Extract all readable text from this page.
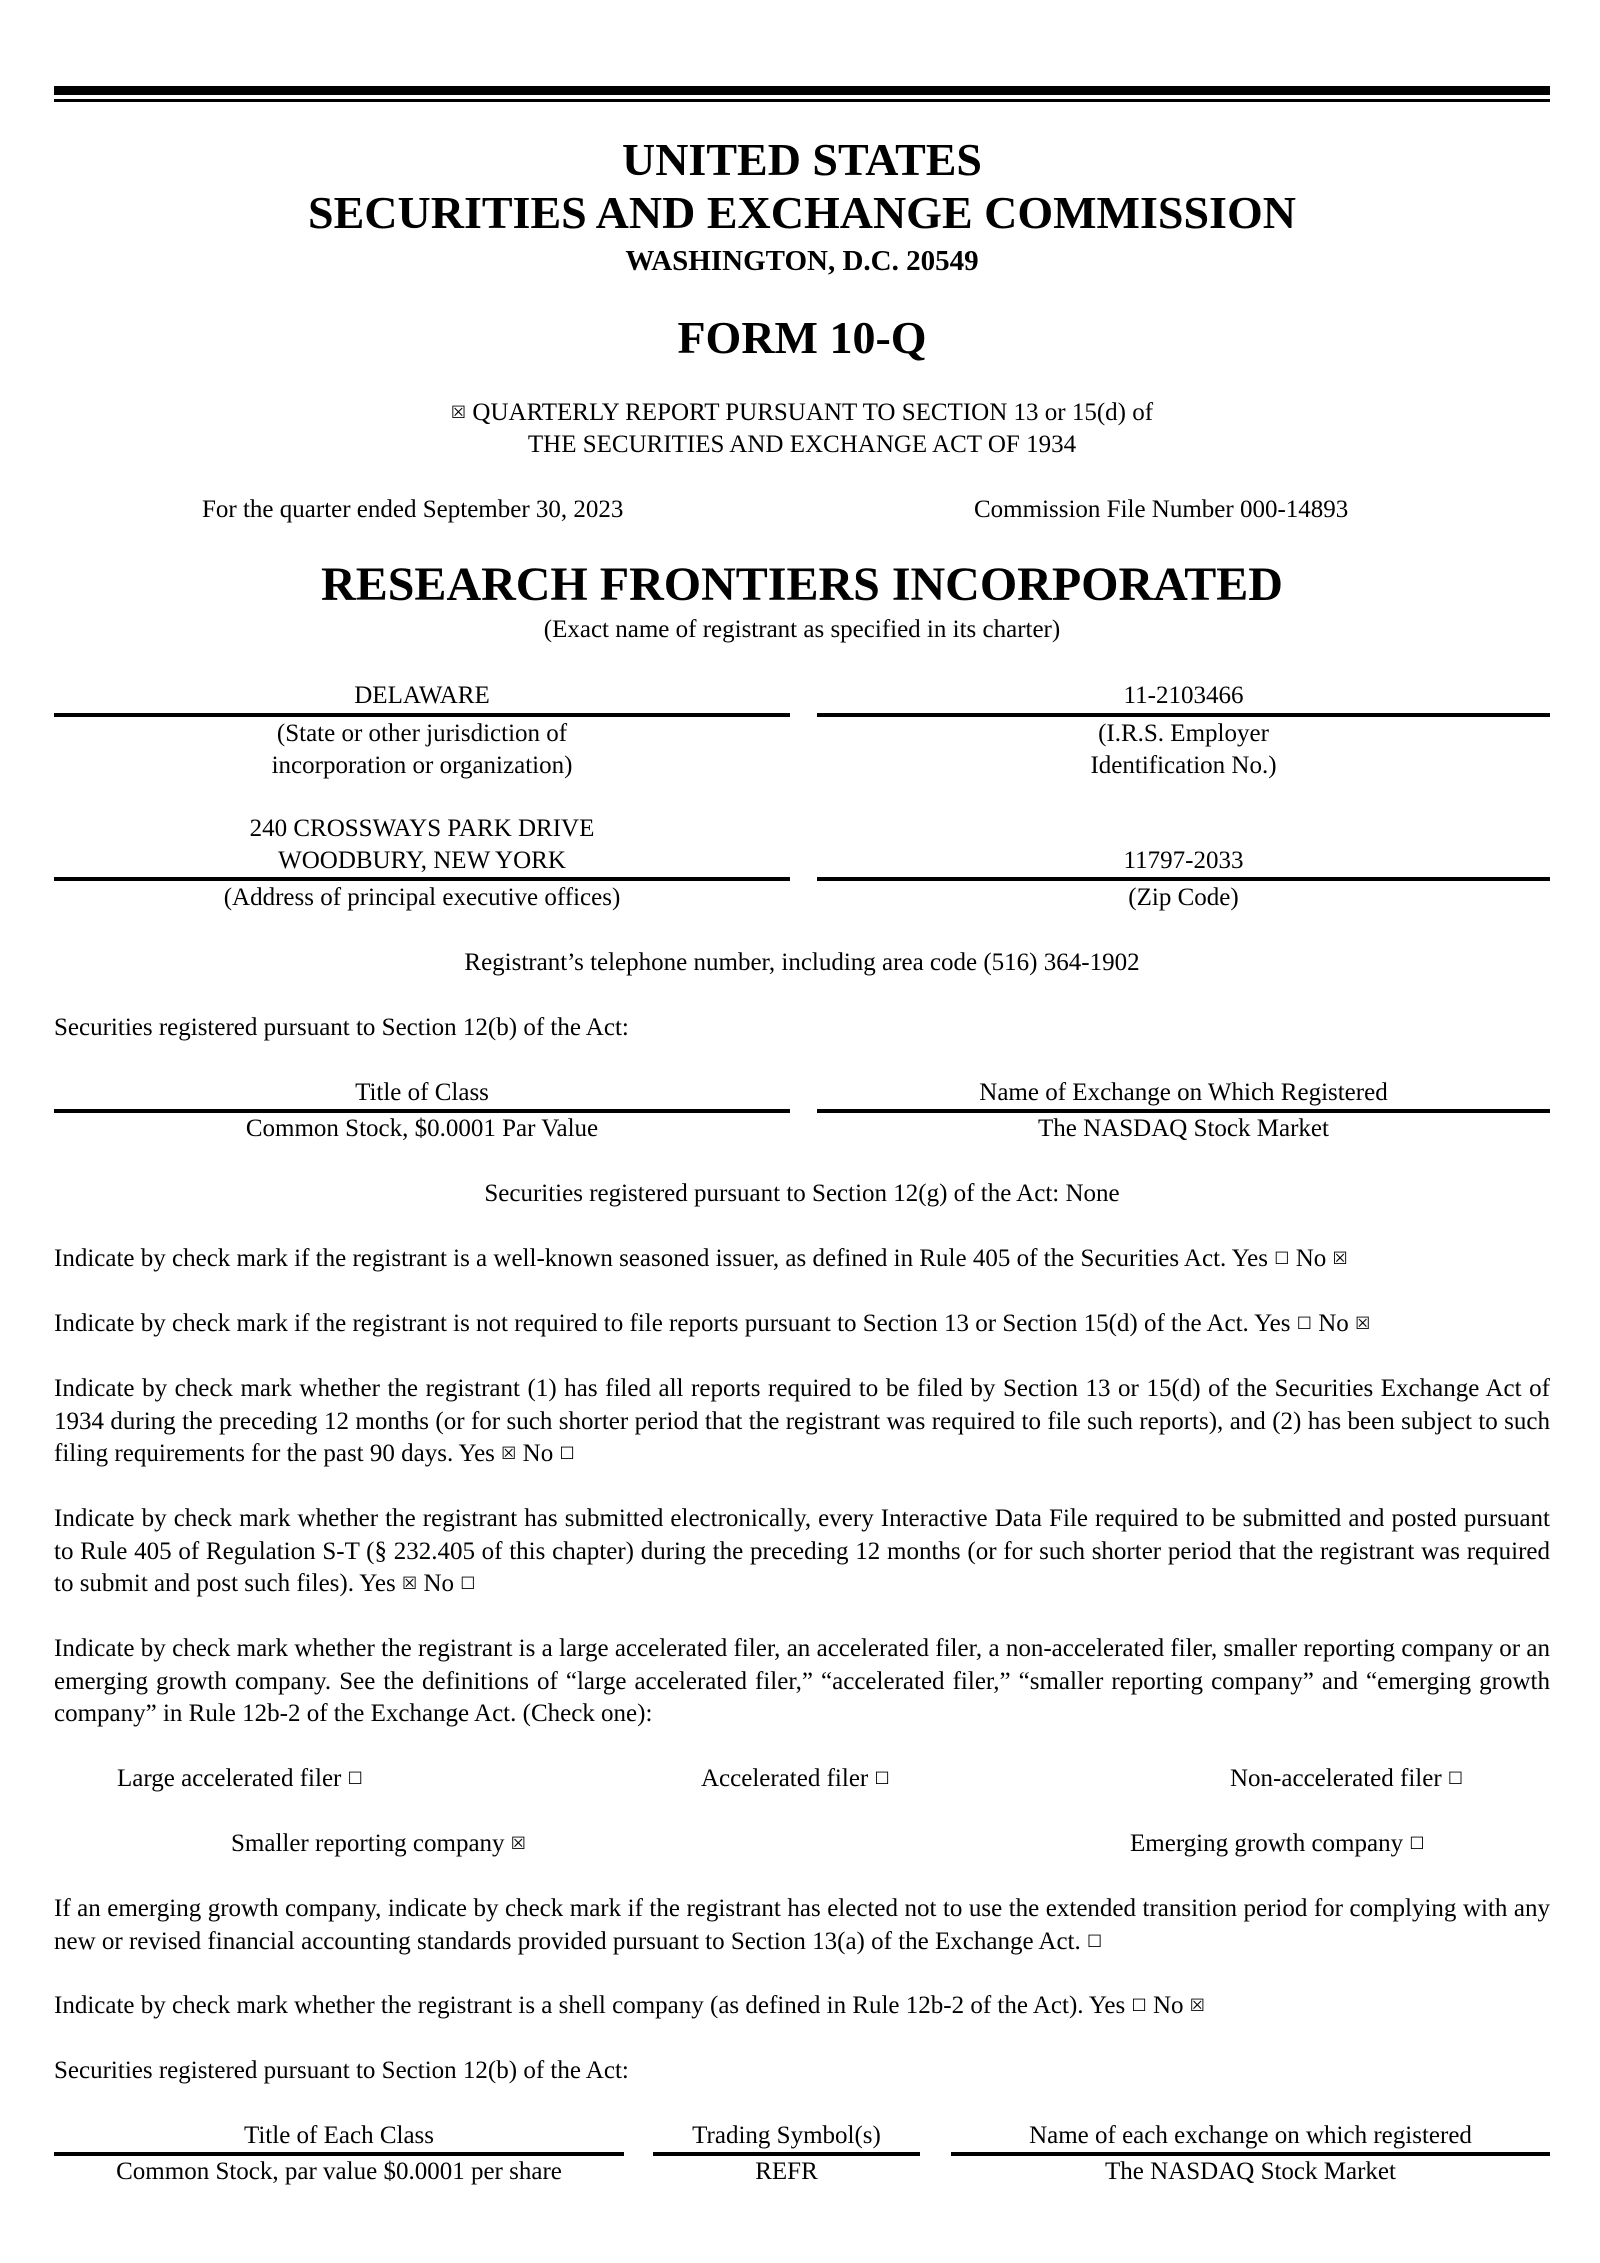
UNITED STATES
SECURITIES AND EXCHANGE COMMISSION
WASHINGTON, D.C. 20549
FORM 10-Q
☒ QUARTERLY REPORT PURSUANT TO SECTION 13 or 15(d) of
THE SECURITIES AND EXCHANGE ACT OF 1934
For the quarter ended September 30, 2023	Commission File Number 000-14893
RESEARCH FRONTIERS INCORPORATED
(Exact name of registrant as specified in its charter)
DELAWARE	11-2103466
(State or other jurisdiction of
incorporation or organization)
(I.R.S. Employer
Identification No.)
240 CROSSWAYS PARK DRIVE
WOODBURY, NEW YORK	11797-2033
(Address of principal executive offices)	(Zip Code)
Registrant’s telephone number, including area code (516) 364-1902
Securities registered pursuant to Section 12(b) of the Act:
Title of Class	Name of Exchange on Which Registered
Common Stock, $0.0001 Par Value	The NASDAQ Stock Market
Securities registered pursuant to Section 12(g) of the Act: None
Indicate by check mark if the registrant is a well-known seasoned issuer, as defined in Rule 405 of the Securities Act. Yes ☐ No ☒
Indicate by check mark if the registrant is not required to file reports pursuant to Section 13 or Section 15(d) of the Act. Yes ☐ No ☒
Indicate by check mark whether the registrant (1) has filed all reports required to be filed by Section 13 or 15(d) of the Securities Exchange Act of 1934 during the preceding 12 months (or for such shorter period that the registrant was required to file such reports), and (2) has been subject to such filing requirements for the past 90 days. Yes ☒ No ☐
Indicate by check mark whether the registrant has submitted electronically, every Interactive Data File required to be submitted and posted pursuant to Rule 405 of Regulation S-T (§ 232.405 of this chapter) during the preceding 12 months (or for such shorter period that the registrant was required to submit and post such files). Yes ☒ No ☐
Indicate by check mark whether the registrant is a large accelerated filer, an accelerated filer, a non-accelerated filer, smaller reporting company or an emerging growth company. See the definitions of “large accelerated filer,” “accelerated filer,” “smaller reporting company” and “emerging growth company” in Rule 12b-2 of the Exchange Act. (Check one):
Large accelerated filer ☐	Accelerated filer ☐	Non-accelerated filer ☐
Smaller reporting company ☒	Emerging growth company ☐
If an emerging growth company, indicate by check mark if the registrant has elected not to use the extended transition period for complying with any new or revised financial accounting standards provided pursuant to Section 13(a) of the Exchange Act. ☐
Indicate by check mark whether the registrant is a shell company (as defined in Rule 12b-2 of the Act). Yes ☐ No ☒
Securities registered pursuant to Section 12(b) of the Act:
Title of Each Class	Trading Symbol(s)	Name of each exchange on which registered
Common Stock, par value $0.0001 per share	REFR	The NASDAQ Stock Market
